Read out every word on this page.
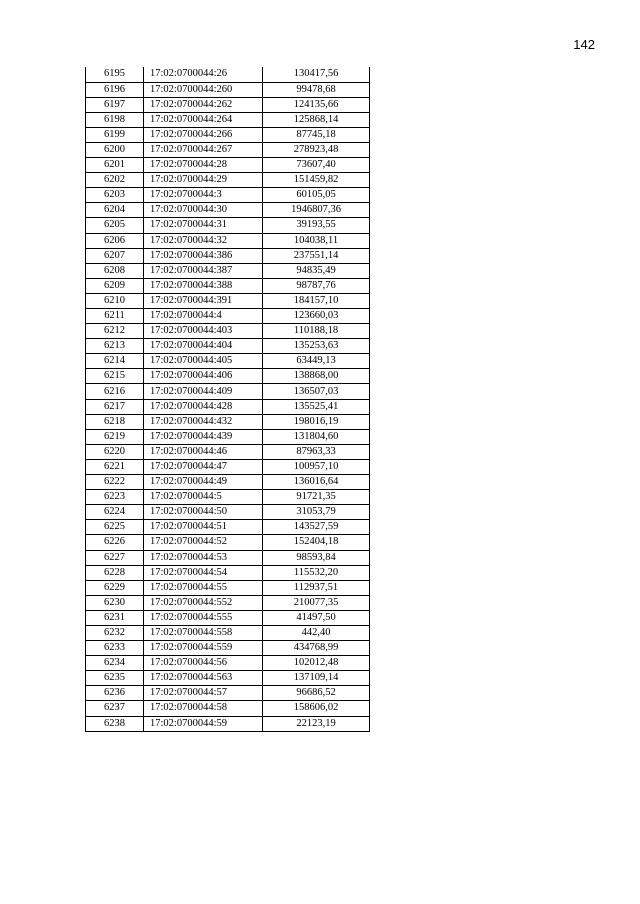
142
6195	17:02:0700044:26	130417,56
6196	17:02:0700044:260	99478,68
6197	17:02:0700044:262	124135,66
6198	17:02:0700044:264	125868,14
6199	17:02:0700044:266	87745,18
6200	17:02:0700044:267	278923,48
6201	17:02:0700044:28	73607,40
6202	17:02:0700044:29	151459,82
6203	17:02:0700044:3	60105,05
6204	17:02:0700044:30	1946807,36
6205	17:02:0700044:31	39193,55
6206	17:02:0700044:32	104038,11
6207	17:02:0700044:386	237551,14
6208	17:02:0700044:387	94835,49
6209	17:02:0700044:388	98787,76
6210	17:02:0700044:391	184157,10
6211	17:02:0700044:4	123660,03
6212	17:02:0700044:403	110188,18
6213	17:02:0700044:404	135253,63
6214	17:02:0700044:405	63449,13
6215	17:02:0700044:406	138868,00
6216	17:02:0700044:409	136507,03
6217	17:02:0700044:428	135525,41
6218	17:02:0700044:432	198016,19
6219	17:02:0700044:439	131804,60
6220	17:02:0700044:46	87963,33
6221	17:02:0700044:47	100957,10
6222	17:02:0700044:49	136016,64
6223	17:02:0700044:5	91721,35
6224	17:02:0700044:50	31053,79
6225	17:02:0700044:51	143527,59
6226	17:02:0700044:52	152404,18
6227	17:02:0700044:53	98593,84
6228	17:02:0700044:54	115532,20
6229	17:02:0700044:55	112937,51
6230	17:02:0700044:552	210077,35
6231	17:02:0700044:555	41497,50
6232	17:02:0700044:558	442,40
6233	17:02:0700044:559	434768,99
6234	17:02:0700044:56	102012,48
6235	17:02:0700044:563	137109,14
6236	17:02:0700044:57	96686,52
6237	17:02:0700044:58	158606,02
6238	17:02:0700044:59	22123,19
